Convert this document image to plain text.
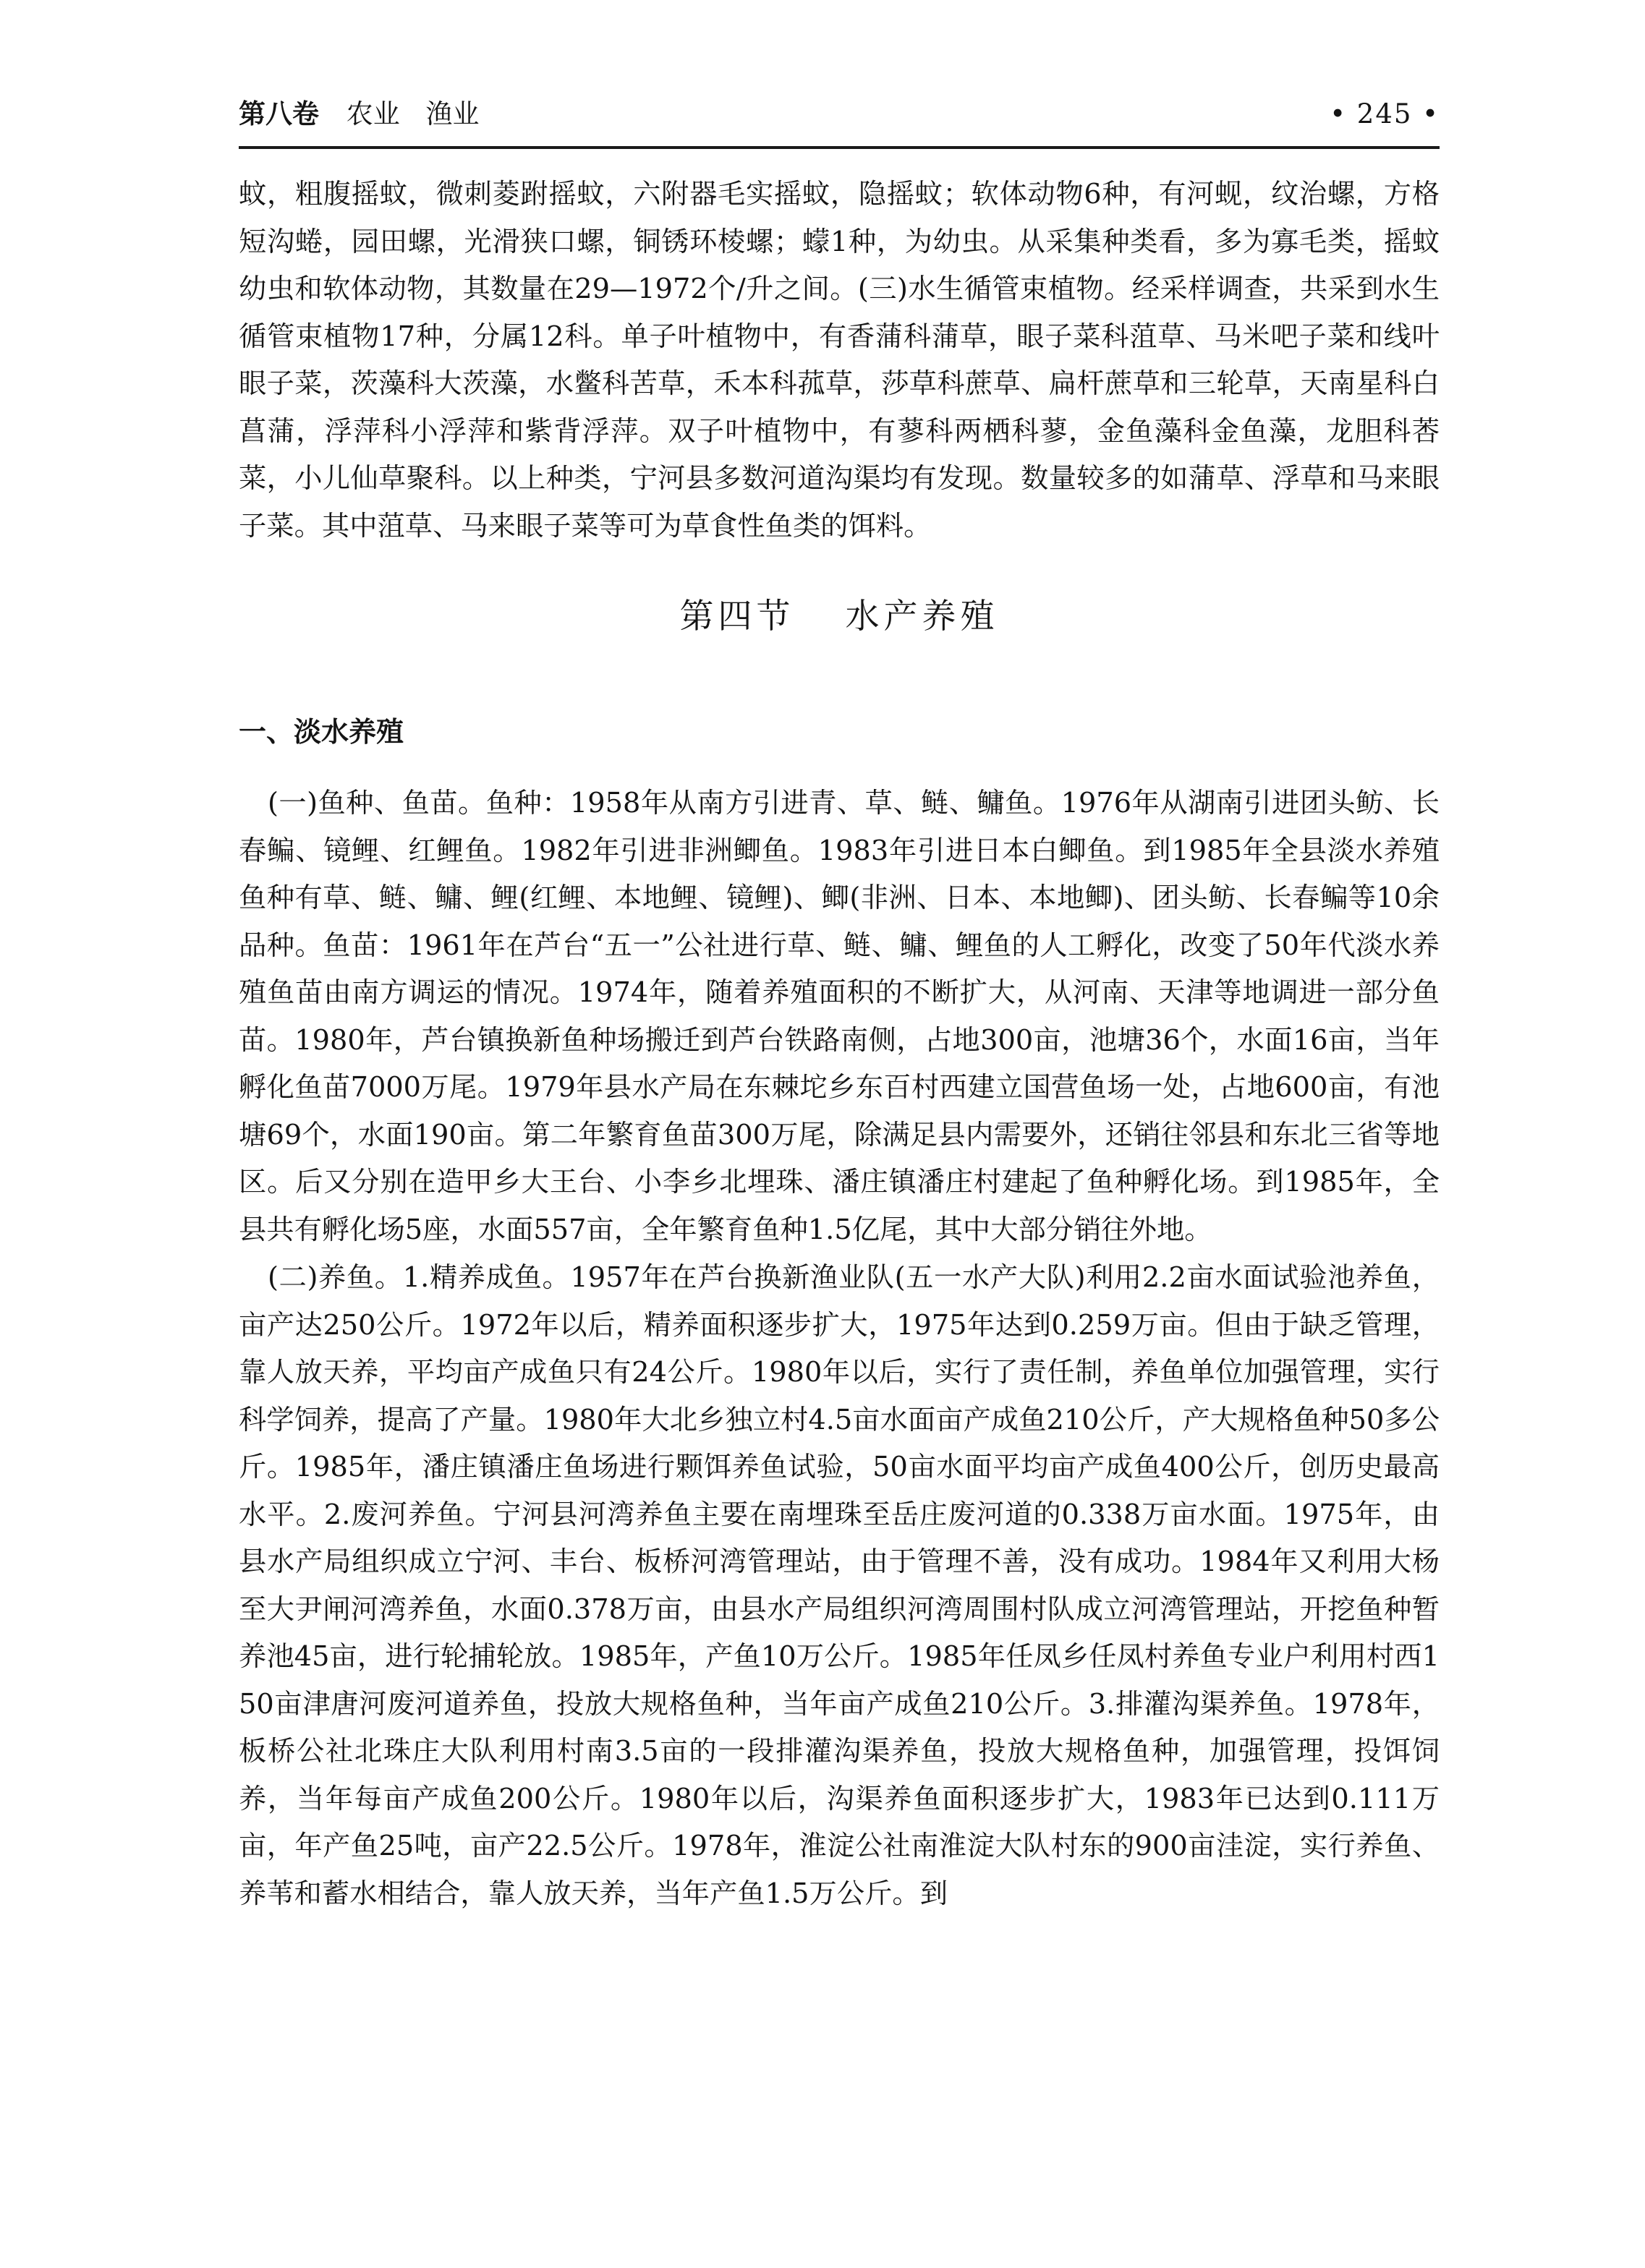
第八卷 农业 渔业	• 245 •

蚊，粗腹摇蚊，微刺菱跗摇蚊，六附器毛实摇蚊，隐摇蚊；软体动物6种，有河蚬，纹治螺，方格短沟蜷，园田螺，光滑狭口螺，铜锈环棱螺；蠓1种，为幼虫。从采集种类看，多为寡毛类，摇蚊幼虫和软体动物，其数量在29—1972个/升之间。(三)水生循管束植物。经采样调查，共采到水生循管束植物17种，分属12科。单子叶植物中，有香蒲科蒲草，眼子菜科菹草、马米吧子菜和线叶眼子菜，茨藻科大茨藻，水鳖科苦草，禾本科菰草，莎草科蔗草、扁杆蔗草和三轮草，天南星科白菖蒲，浮萍科小浮萍和紫背浮萍。双子叶植物中，有蓼科两栖科蓼，金鱼藻科金鱼藻，龙胆科莕菜，小儿仙草聚科。以上种类，宁河县多数河道沟渠均有发现。数量较多的如蒲草、浮草和马来眼子菜。其中菹草、马来眼子菜等可为草食性鱼类的饵料。

第四节 水产养殖
一、淡水养殖

(一)鱼种、鱼苗。鱼种：1958年从南方引进青、草、鲢、鳙鱼。1976年从湖南引进团头鲂、长春鳊、镜鲤、红鲤鱼。1982年引进非洲鲫鱼。1983年引进日本白鲫鱼。到1985年全县淡水养殖鱼种有草、鲢、鳙、鲤(红鲤、本地鲤、镜鲤)、鲫(非洲、日本、本地鲫)、团头鲂、长春鳊等10余品种。鱼苗：1961年在芦台“五一”公社进行草、鲢、鳙、鲤鱼的人工孵化，改变了50年代淡水养殖鱼苗由南方调运的情况。1974年，随着养殖面积的不断扩大，从河南、天津等地调进一部分鱼苗。1980年，芦台镇换新鱼种场搬迁到芦台铁路南侧，占地300亩，池塘36个，水面16亩，当年孵化鱼苗7000万尾。1979年县水产局在东棘坨乡东百村西建立国营鱼场一处，占地600亩，有池塘69个，水面190亩。第二年繁育鱼苗300万尾，除满足县内需要外，还销往邻县和东北三省等地区。后又分别在造甲乡大王台、小李乡北埋珠、潘庄镇潘庄村建起了鱼种孵化场。到1985年，全县共有孵化场5座，水面557亩，全年繁育鱼种1.5亿尾，其中大部分销往外地。

(二)养鱼。1.精养成鱼。1957年在芦台换新渔业队(五一水产大队)利用2.2亩水面试验池养鱼，亩产达250公斤。1972年以后，精养面积逐步扩大，1975年达到0.259万亩。但由于缺乏管理，靠人放天养，平均亩产成鱼只有24公斤。1980年以后，实行了责任制，养鱼单位加强管理，实行科学饲养，提高了产量。1980年大北乡独立村4.5亩水面亩产成鱼210公斤，产大规格鱼种50多公斤。1985年，潘庄镇潘庄鱼场进行颗饵养鱼试验，50亩水面平均亩产成鱼400公斤，创历史最高水平。2.废河养鱼。宁河县河湾养鱼主要在南埋珠至岳庄废河道的0.338万亩水面。1975年，由县水产局组织成立宁河、丰台、板桥河湾管理站，由于管理不善，没有成功。1984年又利用大杨至大尹闸河湾养鱼，水面0.378万亩，由县水产局组织河湾周围村队成立河湾管理站，开挖鱼种暂养池45亩，进行轮捕轮放。1985年，产鱼10万公斤。1985年任凤乡任凤村养鱼专业户利用村西150亩津唐河废河道养鱼，投放大规格鱼种，当年亩产成鱼210公斤。3.排灌沟渠养鱼。1978年，板桥公社北珠庄大队利用村南3.5亩的一段排灌沟渠养鱼，投放大规格鱼种，加强管理，投饵饲养，当年每亩产成鱼200公斤。1980年以后，沟渠养鱼面积逐步扩大，1983年已达到0.111万亩，年产鱼25吨，亩产22.5公斤。1978年，淮淀公社南淮淀大队村东的900亩洼淀，实行养鱼、养苇和蓄水相结合，靠人放天养，当年产鱼1.5万公斤。到
